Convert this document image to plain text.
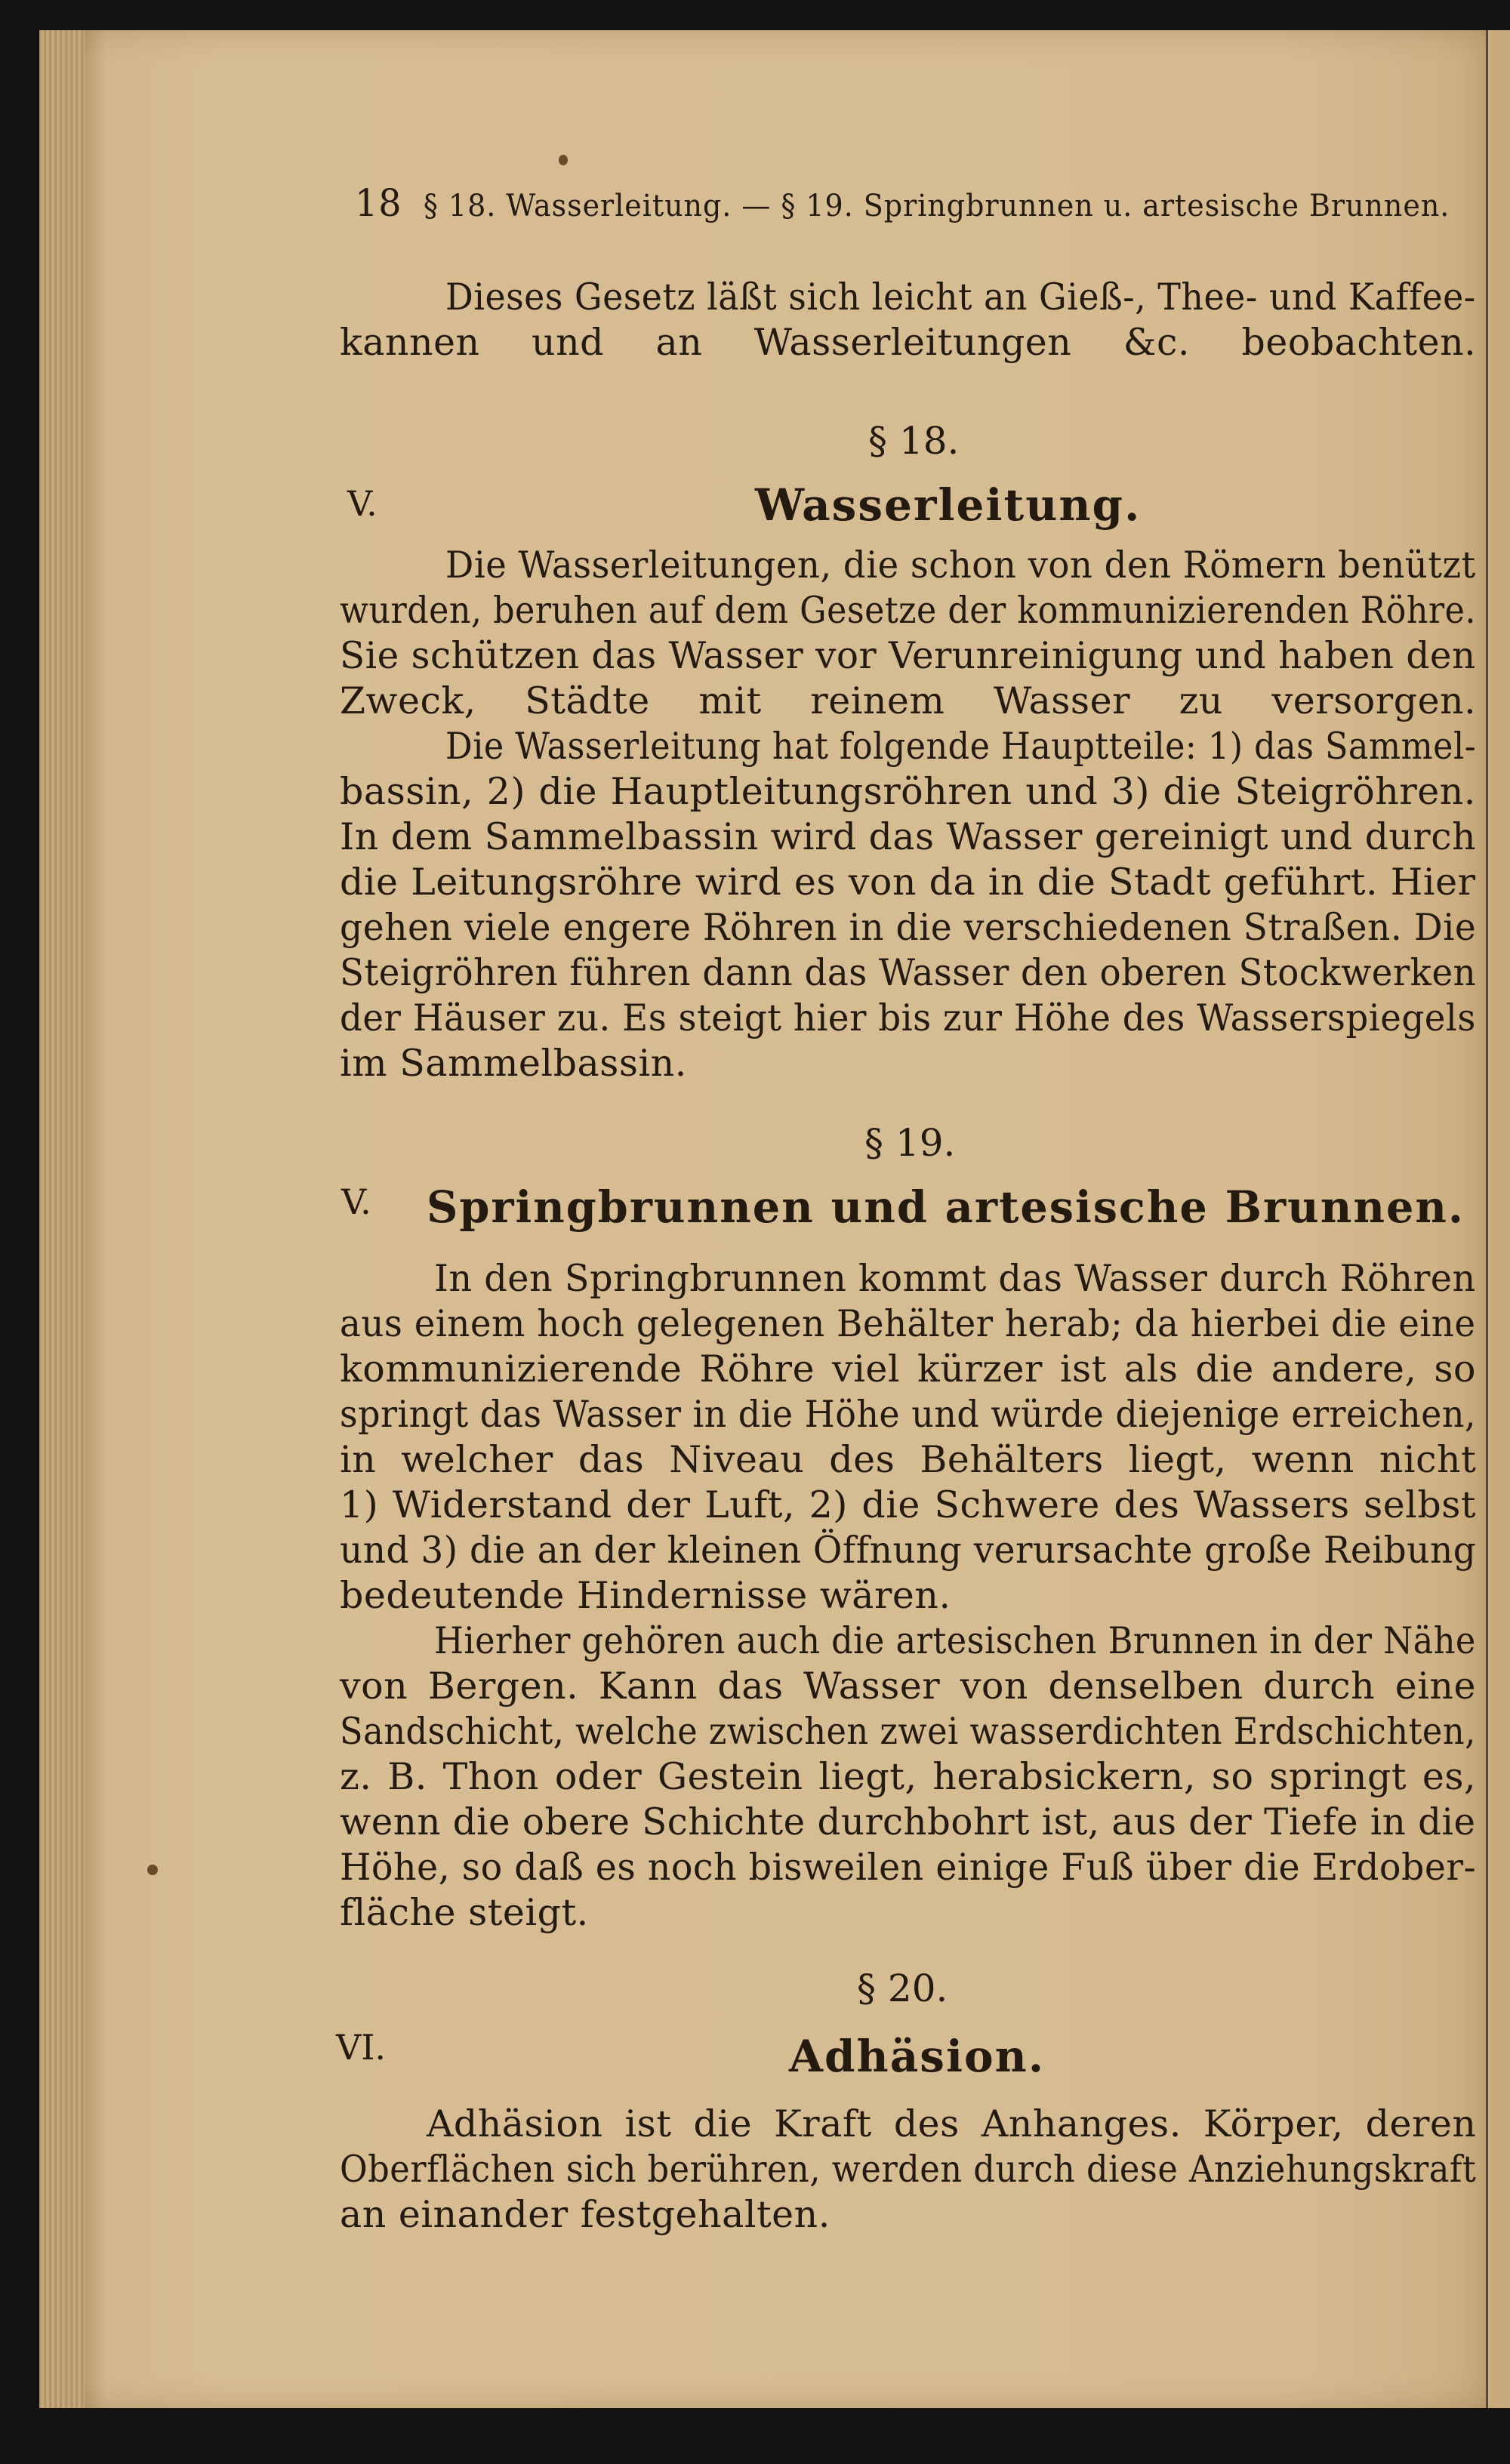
18 § 18. Wasserleitung. — § 19. Springbrunnen u. artesische Brunnen.
Dieses Gesetz läßt sich leicht an Gieß-, Thee- und Kaffee-
kannen und an Wasserleitungen &c. beobachten.
§ 18.
V.	Wasserleitung.
Die Wasserleitungen, die schon von den Römern benützt
wurden, beruhen auf dem Gesetze der kommunizierenden Röhre.
Sie schützen das Wasser vor Verunreinigung und haben den
Zweck, Städte mit reinem Wasser zu versorgen.
Die Wasserleitung hat folgende Hauptteile: 1) das Sammel-
bassin, 2) die Hauptleitungsröhren und 3) die Steigröhren.
In dem Sammelbassin wird das Wasser gereinigt und durch
die Leitungsröhre wird es von da in die Stadt geführt. Hier
gehen viele engere Röhren in die verschiedenen Straßen. Die
Steigröhren führen dann das Wasser den oberen Stockwerken
der Häuser zu. Es steigt hier bis zur Höhe des Wasserspiegels
im Sammelbassin.
§ 19.
V. Springbrunnen und artesische Brunnen.
In den Springbrunnen kommt das Wasser durch Röhren
aus einem hoch gelegenen Behälter herab; da hierbei die eine
kommunizierende Röhre viel kürzer ist als die andere, so
springt das Wasser in die Höhe und würde diejenige erreichen,
in welcher das Niveau des Behälters liegt, wenn nicht
1) Widerstand der Luft, 2) die Schwere des Wassers selbst
und 3) die an der kleinen Öffnung verursachte große Reibung
bedeutende Hindernisse wären.
Hierher gehören auch die artesischen Brunnen in der Nähe
von Bergen. Kann das Wasser von denselben durch eine
Sandschicht, welche zwischen zwei wasserdichten Erdschichten,
z. B. Thon oder Gestein liegt, herabsickern, so springt es,
wenn die obere Schichte durchbohrt ist, aus der Tiefe in die
Höhe, so daß es noch bisweilen einige Fuß über die Erdober-
fläche steigt.
§ 20.
VI.	Adhäsion.
Adhäsion ist die Kraft des Anhanges. Körper, deren
Oberflächen sich berühren, werden durch diese Anziehungskraft
an einander festgehalten.
